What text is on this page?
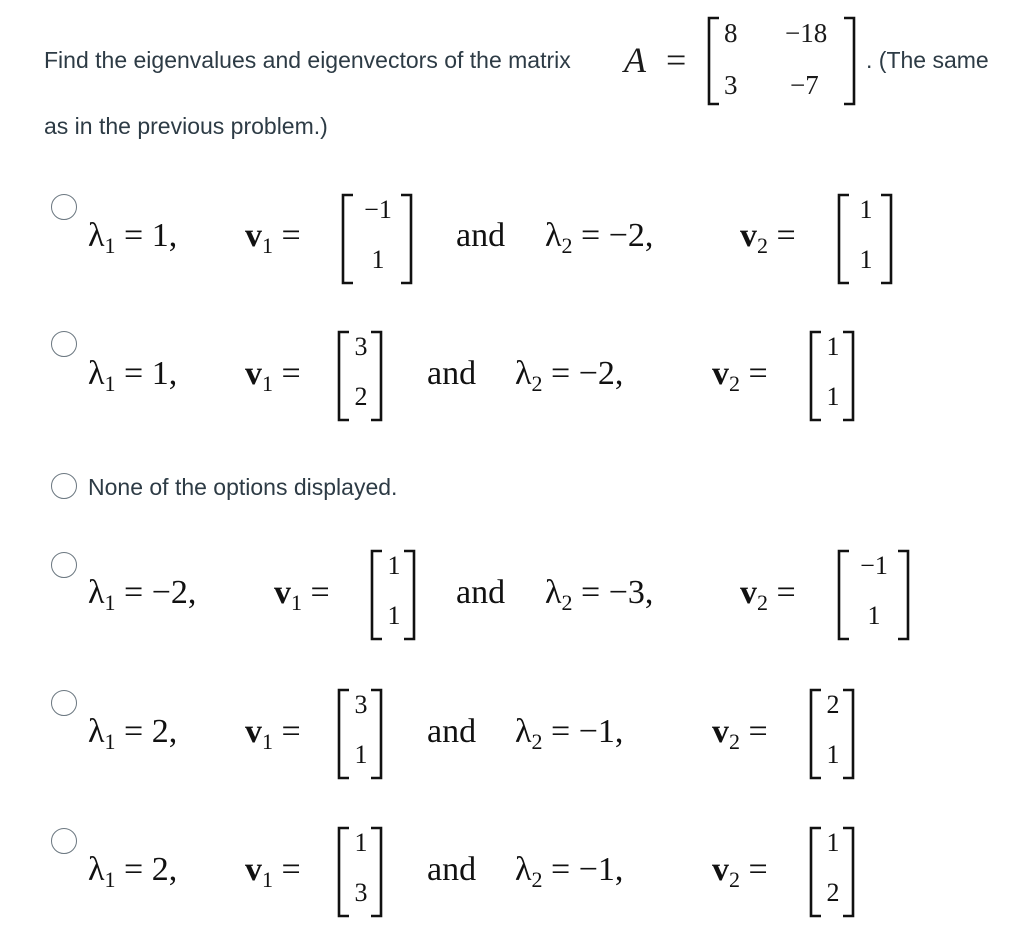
Find the eigenvalues and eigenvectors of the matrix A =
8 −18
3 −7
. (The same
as in the previous problem.)
$\lambda_1 = 1$, $v_1$ =
−1
1
and $\lambda_2 = -2$,	$v_2$ =
1
1
$\lambda_1 = 1$, $v_1$ =
3
2
and $\lambda_2 = -2$,	$v_2$ =
1
1
None of the options displayed.
$\lambda_1 = -2$, $v_1$ =
1
1
and $\lambda_2 = -3$,	$v_2$ =
−1
1
$\lambda_1 = 2$, $v_1$ =
3
1
and $\lambda_2 = -1$,	$v_2$ =
2
1
$\lambda_1 = 2$, $v_1$ =
1
3
and $\lambda_2 = -1$,	$v_2$ =
1
2
